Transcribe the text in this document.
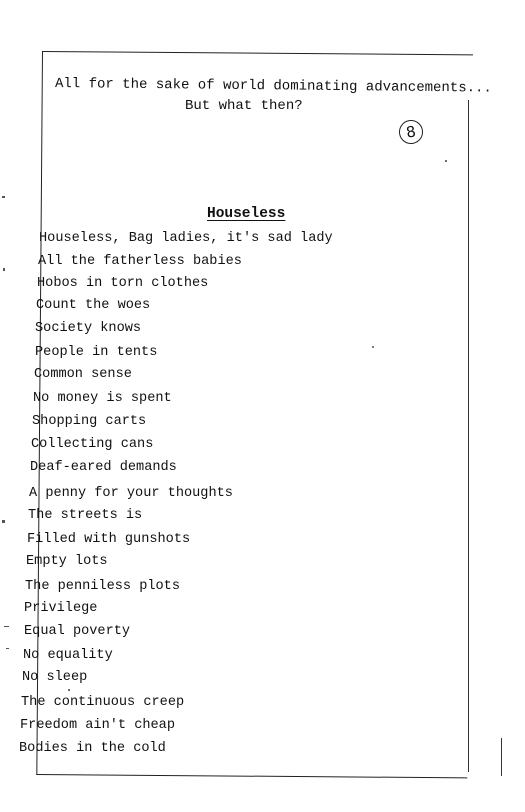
All for the sake of world dominating advancements...
But what then?
8
Houseless
Houseless, Bag ladies, it's sad lady
All the fatherless babies
Hobos in torn clothes
Count the woes
Society knows
People in tents
Common sense
No money is spent
Shopping carts
Collecting cans
Deaf-eared demands
A penny for your thoughts
The streets is
Filled with gunshots
Empty lots
The penniless plots
Privilege
Equal poverty
No equality
No sleep
The continuous creep
Freedom ain't cheap
Bodies in the cold
